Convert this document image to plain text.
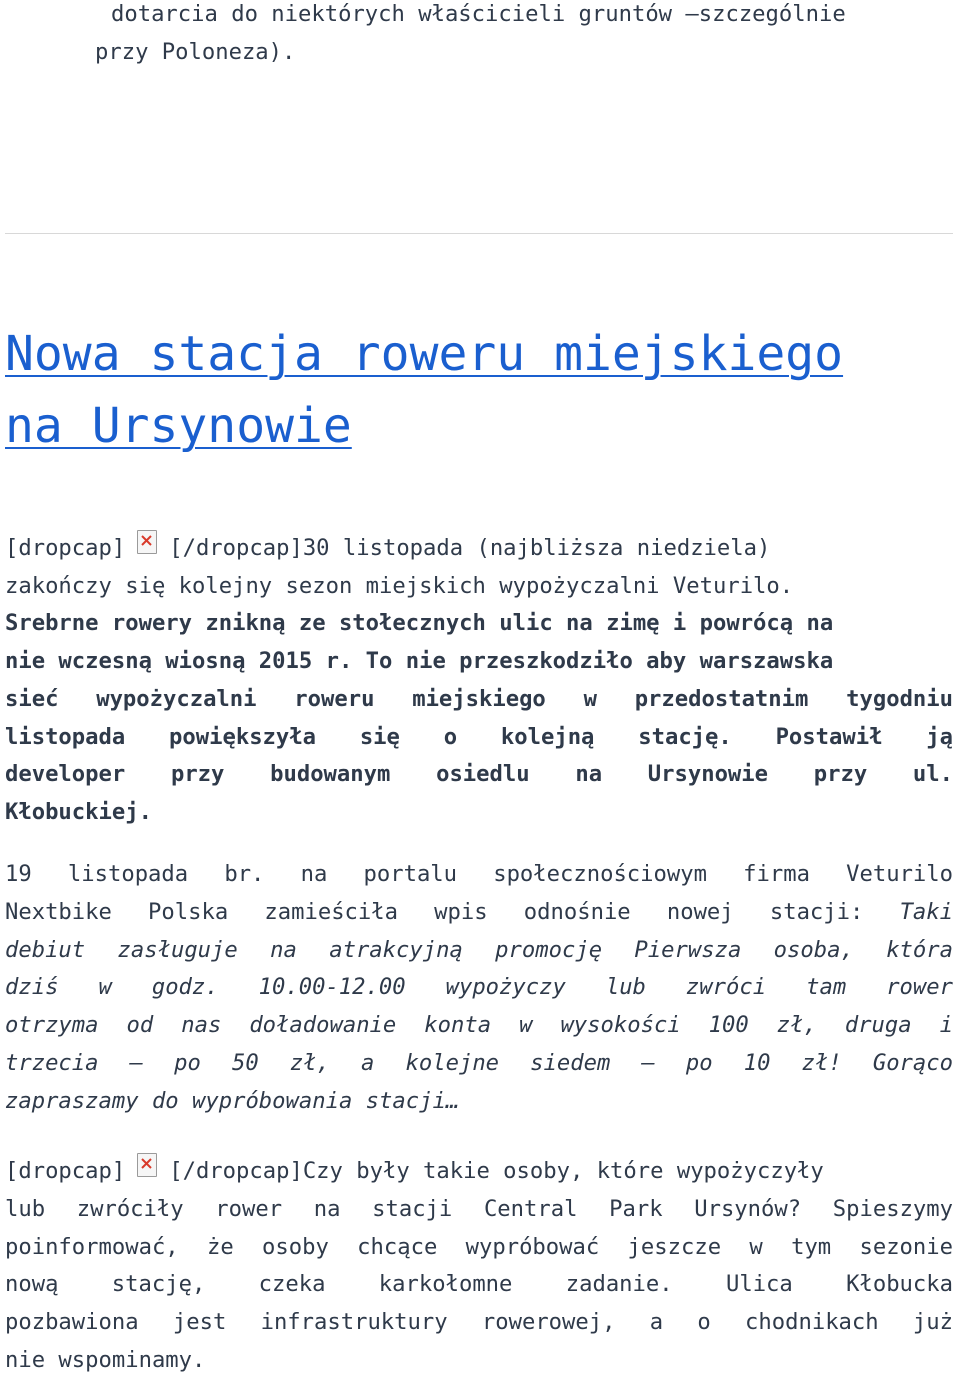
dotarcia do niektórych właścicieli gruntów –szczególnie
przy Poloneza).
Nowa stacja roweru miejskiego
na Ursynowie
[dropcap] [/dropcap]30 listopada (najbliższa niedziela)
zakończy się kolejny sezon miejskich wypożyczalni Veturilo.
Srebrne rowery znikną ze stołecznych ulic na zimę i powrócą na
nie wczesną wiosną 2015 r. To nie przeszkodziło aby warszawska
sieć wypożyczalni roweru miejskiego w przedostatnim tygodniu
listopada powiększyła się o kolejną stację. Postawił ją
developer przy budowanym osiedlu na Ursynowie przy ul.
Kłobuckiej.
19 listopada br. na portalu społecznościowym firma Veturilo
Nextbike Polska zamieściła wpis odnośnie nowej stacji: Taki
debiut zasługuje na atrakcyjną promocję Pierwsza osoba, która
dziś w godz. 10.00-12.00 wypożyczy lub zwróci tam rower
otrzyma od nas doładowanie konta w wysokości 100 zł, druga i
trzecia – po 50 zł, a kolejne siedem – po 10 zł! Gorąco
zapraszamy do wypróbowania stacji…
[dropcap] [/dropcap]Czy były takie osoby, które wypożyczyły
lub zwróciły rower na stacji Central Park Ursynów? Spieszymy
poinformować, że osoby chcące wypróbować jeszcze w tym sezonie
nową stację, czeka karkołomne zadanie. Ulica Kłobucka
pozbawiona jest infrastruktury rowerowej, a o chodnikach już
nie wspominamy.
